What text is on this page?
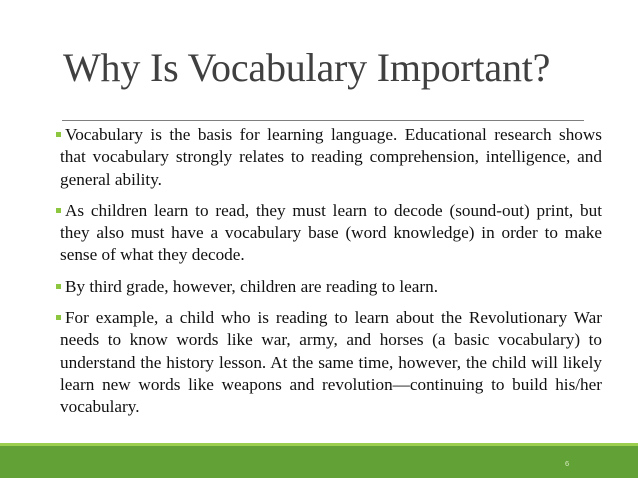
Why Is Vocabulary Important?
Vocabulary is the basis for learning language. Educational research shows that vocabulary strongly relates to reading comprehension, intelligence, and general ability.
As children learn to read, they must learn to decode (sound-out) print, but they also must have a vocabulary base (word knowledge) in order to make sense of what they decode.
By third grade, however, children are reading to learn.
For example, a child who is reading to learn about the Revolutionary War needs to know words like war, army, and horses (a basic vocabulary) to understand the history lesson. At the same time, however, the child will likely learn new words like weapons and revolution—continuing to build his/her vocabulary.
6
